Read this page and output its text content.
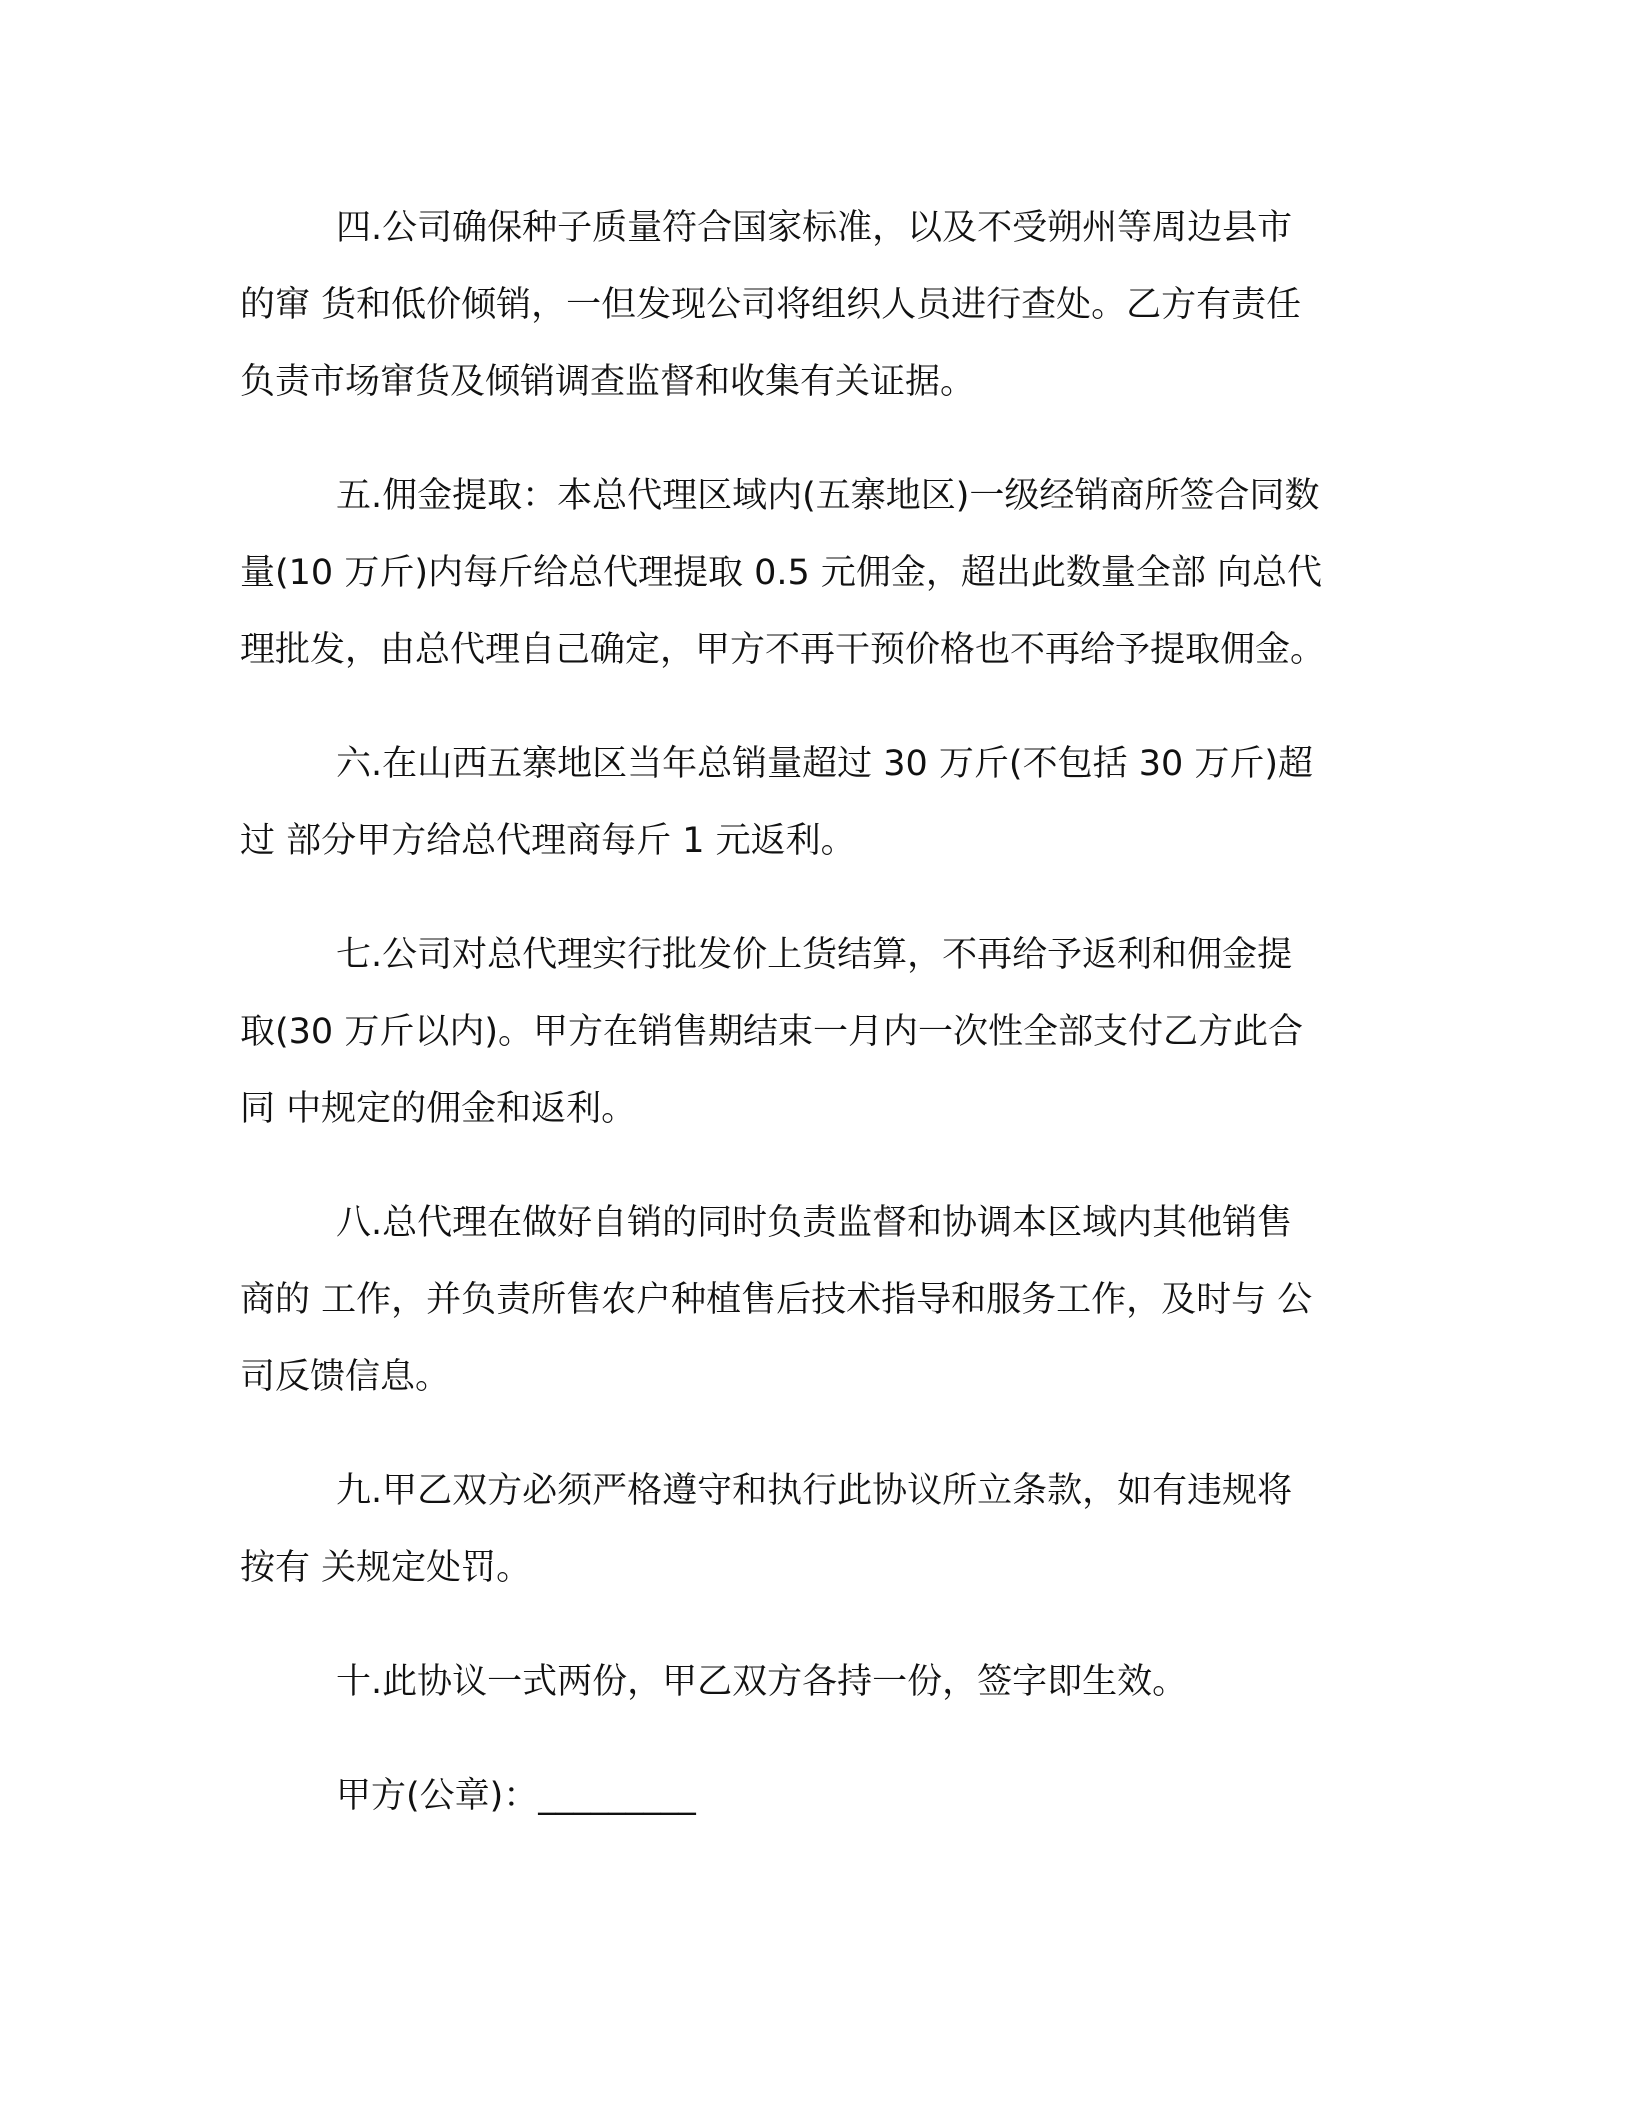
四.公司确保种子质量符合国家标准，以及不受朔州等周边县市
的窜 货和低价倾销，一但发现公司将组织人员进行查处。乙方有责任
负责市场窜货及倾销调查监督和收集有关证据。
五.佣金提取：本总代理区域内(五寨地区)一级经销商所签合同数
量(10 万斤)内每斤给总代理提取 0.5 元佣金，超出此数量全部 向总代
理批发，由总代理自己确定，甲方不再干预价格也不再给予提取佣金。
六.在山西五寨地区当年总销量超过 30 万斤(不包括 30 万斤)超
过 部分甲方给总代理商每斤 1 元返利。
七.公司对总代理实行批发价上货结算，不再给予返利和佣金提
取(30 万斤以内)。甲方在销售期结束一月内一次性全部支付乙方此合
同 中规定的佣金和返利。
八.总代理在做好自销的同时负责监督和协调本区域内其他销售
商的 工作，并负责所售农户种植售后技术指导和服务工作，及时与 公
司反馈信息。
九.甲乙双方必须严格遵守和执行此协议所立条款，如有违规将
按有 关规定处罚。
十.此协议一式两份，甲乙双方各持一份，签字即生效。
甲方(公章)：_________
